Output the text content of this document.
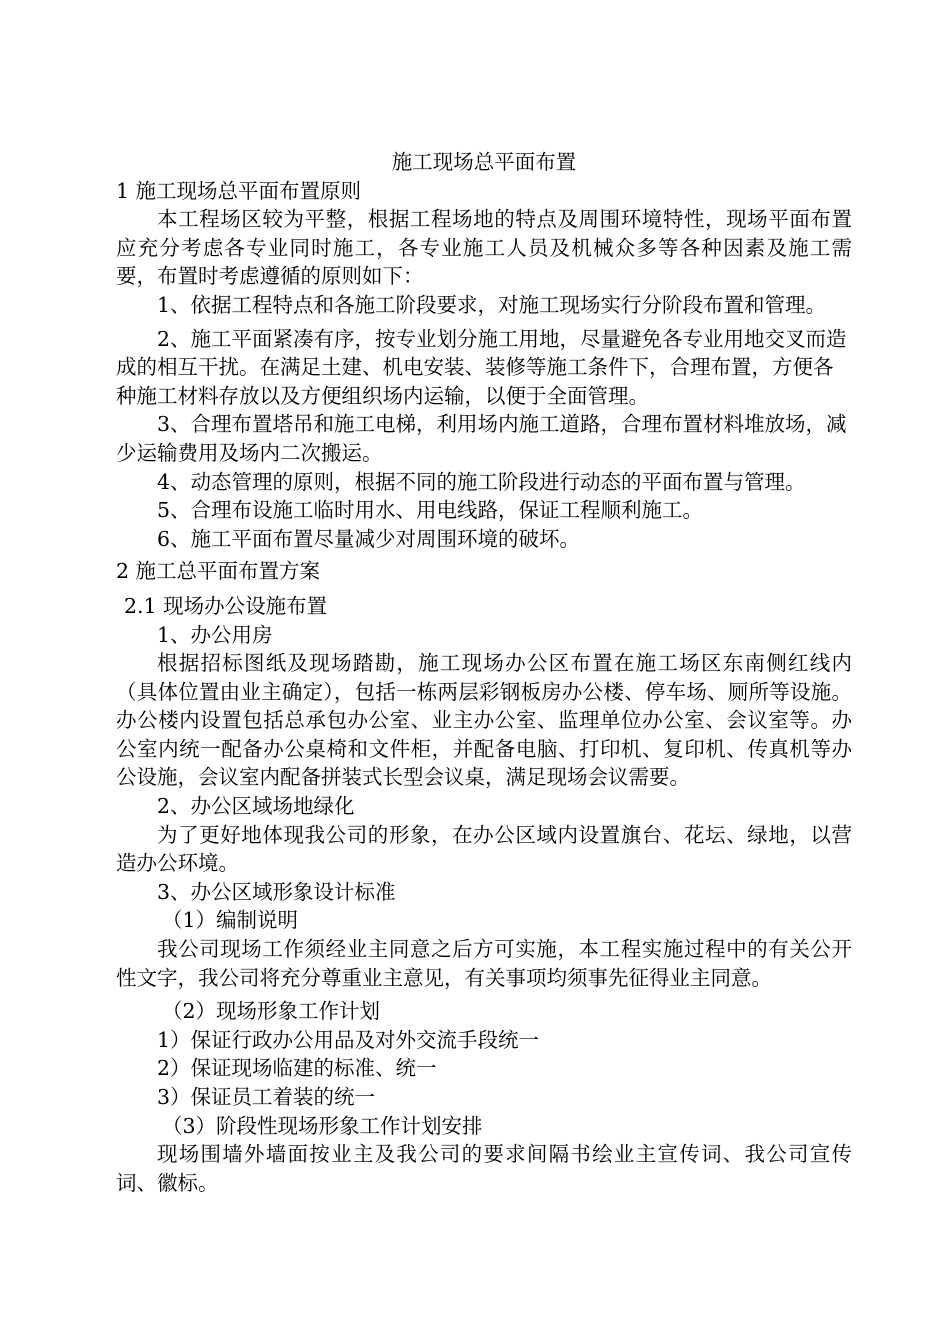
施工现场总平面布置
1 施工现场总平面布置原则

本工程场区较为平整，根据工程场地的特点及周围环境特性，现场平面布置应充分考虑各专业同时施工，各专业施工人员及机械众多等各种因素及施工需要，布置时考虑遵循的原则如下：

1、依据工程特点和各施工阶段要求，对施工现场实行分阶段布置和管理。

2、施工平面紧凑有序，按专业划分施工用地，尽量避免各专业用地交叉而造成的相互干扰。在满足土建、机电安装、装修等施工条件下，合理布置，方便各种施工材料存放以及方便组织场内运输，以便于全面管理。

3、合理布置塔吊和施工电梯，利用场内施工道路，合理布置材料堆放场，减少运输费用及场内二次搬运。

4、动态管理的原则，根据不同的施工阶段进行动态的平面布置与管理。

5、合理布设施工临时用水、用电线路，保证工程顺利施工。

6、施工平面布置尽量减少对周围环境的破坏。

2 施工总平面布置方案
2.1 现场办公设施布置

1、办公用房

根据招标图纸及现场踏勘，施工现场办公区布置在施工场区东南侧红线内（具体位置由业主确定），包括一栋两层彩钢板房办公楼、停车场、厕所等设施。办公楼内设置包括总承包办公室、业主办公室、监理单位办公室、会议室等。办公室内统一配备办公桌椅和文件柜，并配备电脑、打印机、复印机、传真机等办公设施，会议室内配备拼装式长型会议桌，满足现场会议需要。

2、办公区域场地绿化

为了更好地体现我公司的形象，在办公区域内设置旗台、花坛、绿地，以营造办公环境。

3、办公区域形象设计标准

（1）编制说明

我公司现场工作须经业主同意之后方可实施，本工程实施过程中的有关公开性文字，我公司将充分尊重业主意见，有关事项均须事先征得业主同意。

（2）现场形象工作计划

1）保证行政办公用品及对外交流手段统一

2）保证现场临建的标准、统一

3）保证员工着装的统一

（3）阶段性现场形象工作计划安排

现场围墙外墙面按业主及我公司的要求间隔书绘业主宣传词、我公司宣传词、徽标。
